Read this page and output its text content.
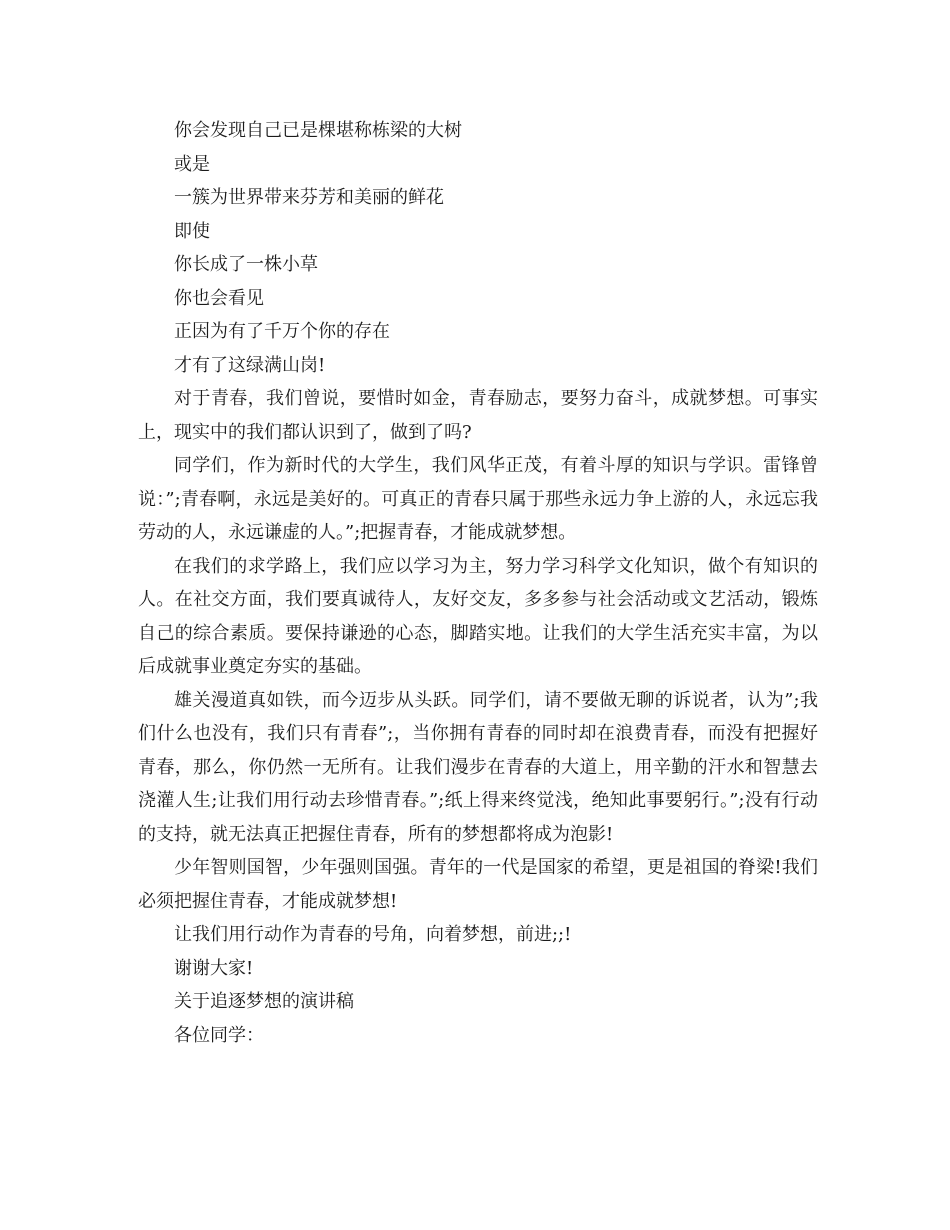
你会发现自己已是棵堪称栋梁的大树

或是

一簇为世界带来芬芳和美丽的鲜花

即使

你长成了一株小草

你也会看见

正因为有了千万个你的存在

才有了这绿满山岗!

对于青春，我们曾说，要惜时如金，青春励志，要努力奋斗，成就梦想。可事实上，现实中的我们都认识到了，做到了吗?

同学们，作为新时代的大学生，我们风华正茂，有着斗厚的知识与学识。雷锋曾说：”;青春啊，永远是美好的。可真正的青春只属于那些永远力争上游的人，永远忘我劳动的人，永远谦虚的人。”;把握青春，才能成就梦想。

在我们的求学路上，我们应以学习为主，努力学习科学文化知识，做个有知识的人。在社交方面，我们要真诚待人，友好交友，多多参与社会活动或文艺活动，锻炼自己的综合素质。要保持谦逊的心态，脚踏实地。让我们的大学生活充实丰富，为以后成就事业奠定夯实的基础。

雄关漫道真如铁，而今迈步从头跃。同学们，请不要做无聊的诉说者，认为”;我们什么也没有，我们只有青春”;，当你拥有青春的同时却在浪费青春，而没有把握好青春，那么，你仍然一无所有。让我们漫步在青春的大道上，用辛勤的汗水和智慧去浇灌人生;让我们用行动去珍惜青春。”;纸上得来终觉浅，绝知此事要躬行。”;没有行动的支持，就无法真正把握住青春，所有的梦想都将成为泡影!

少年智则国智，少年强则国强。青年的一代是国家的希望，更是祖国的脊梁!我们必须把握住青春，才能成就梦想!

让我们用行动作为青春的号角，向着梦想，前进;;!

谢谢大家!

关于追逐梦想的演讲稿

各位同学：
